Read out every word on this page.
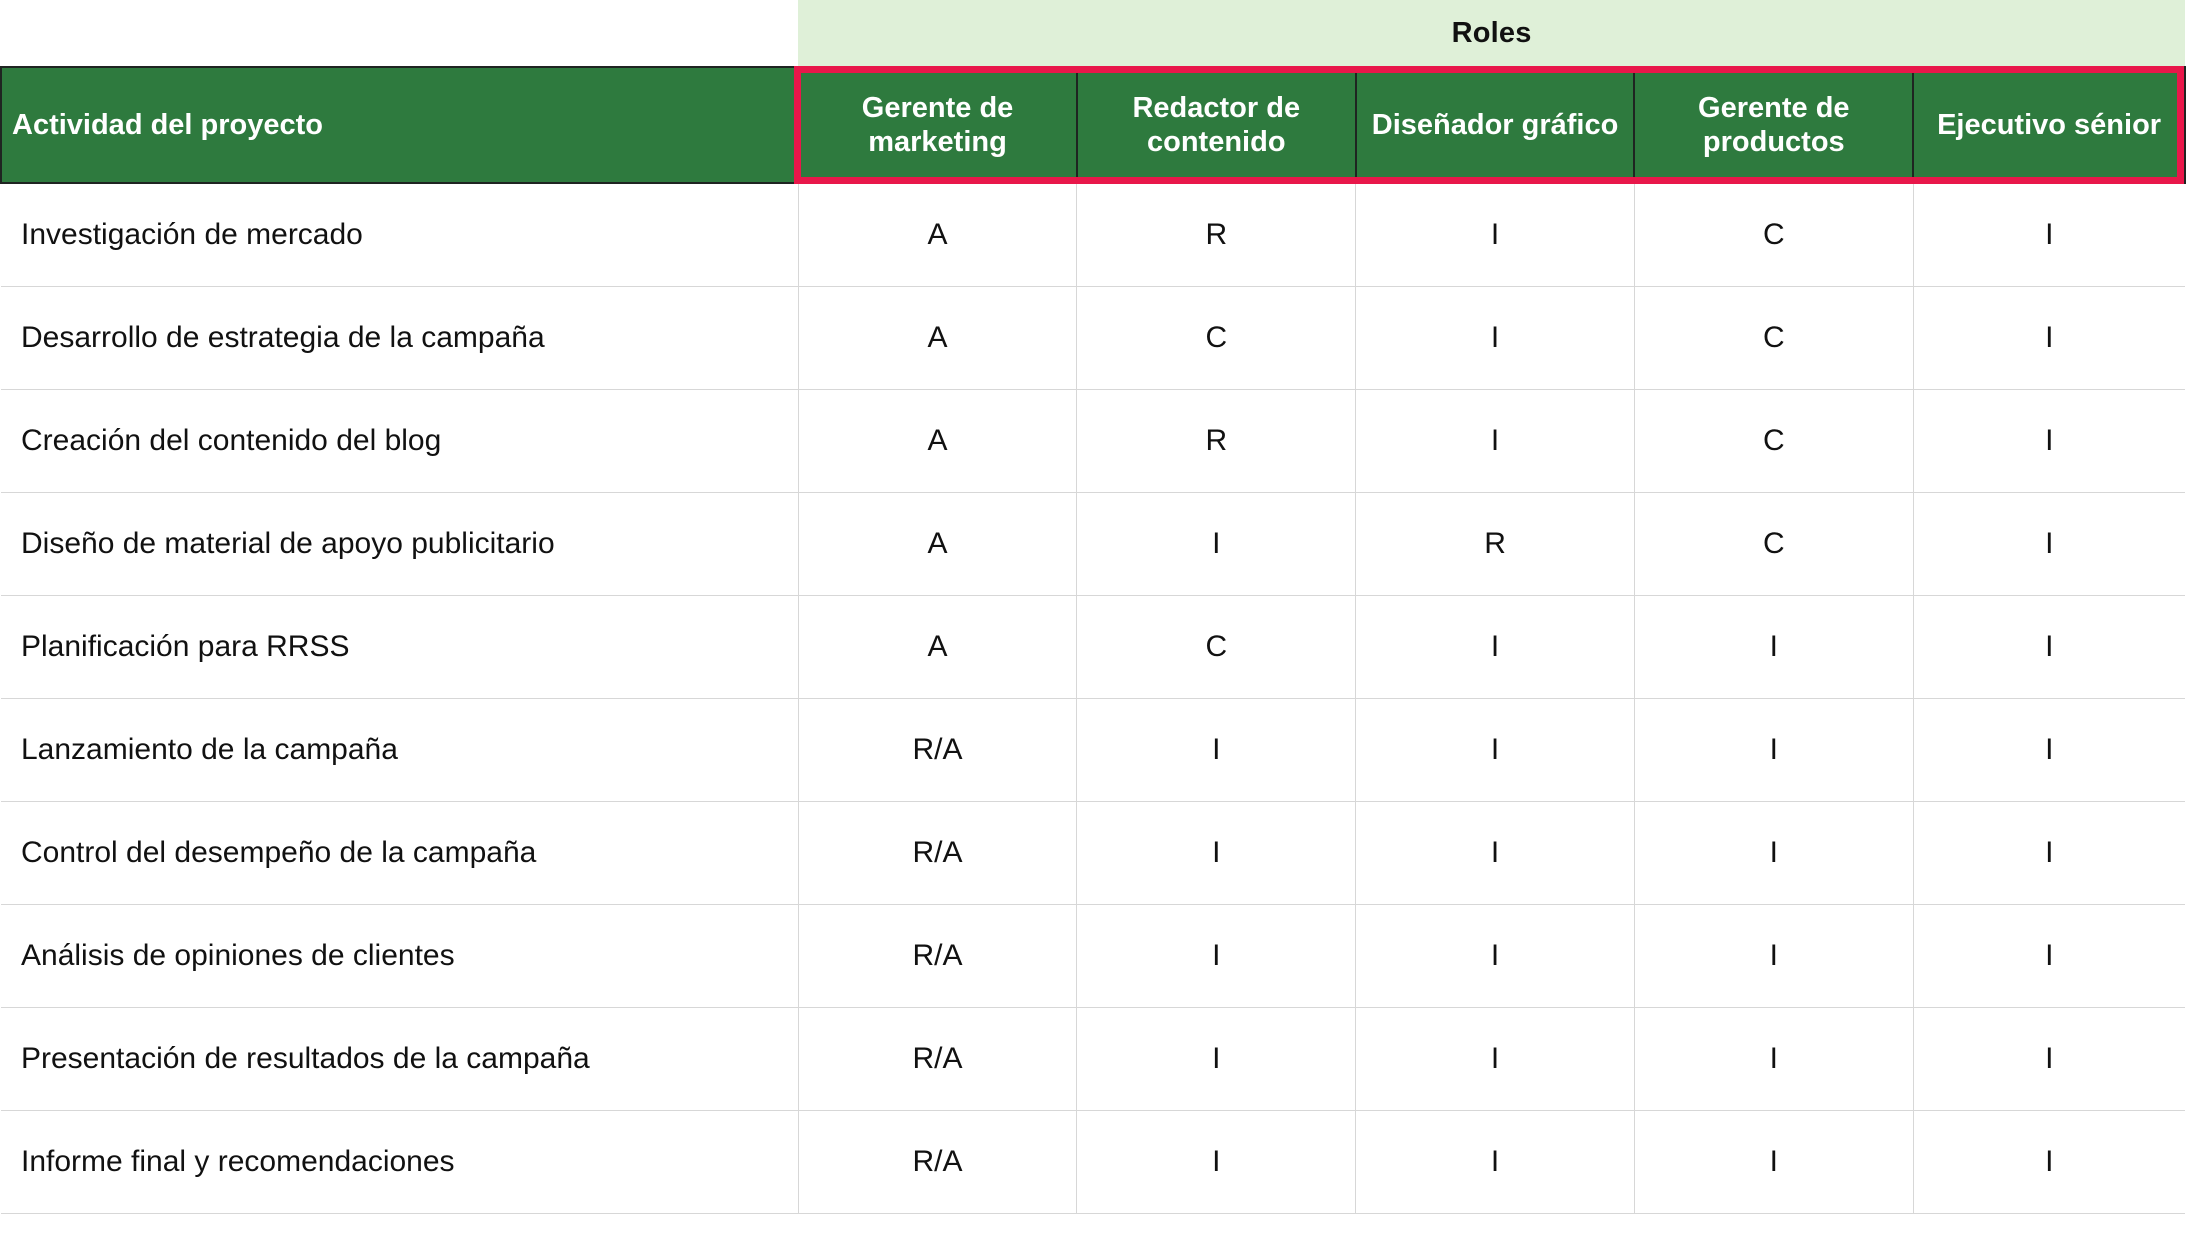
	Roles				
Actividad del proyecto	Gerente de marketing	Redactor de contenido	Diseñador gráfico	Gerente de productos	Ejecutivo sénior
Investigación de mercado	A	R	I	C	I
Desarrollo de estrategia de la campaña	A	C	I	C	I
Creación del contenido del blog	A	R	I	C	I
Diseño de material de apoyo publicitario	A	I	R	C	I
Planificación para RRSS	A	C	I	I	I
Lanzamiento de la campaña	R/A	I	I	I	I
Control del desempeño de la campaña	R/A	I	I	I	I
Análisis de opiniones de clientes	R/A	I	I	I	I
Presentación de resultados de la campaña	R/A	I	I	I	I
Informe final y recomendaciones	R/A	I	I	I	I
